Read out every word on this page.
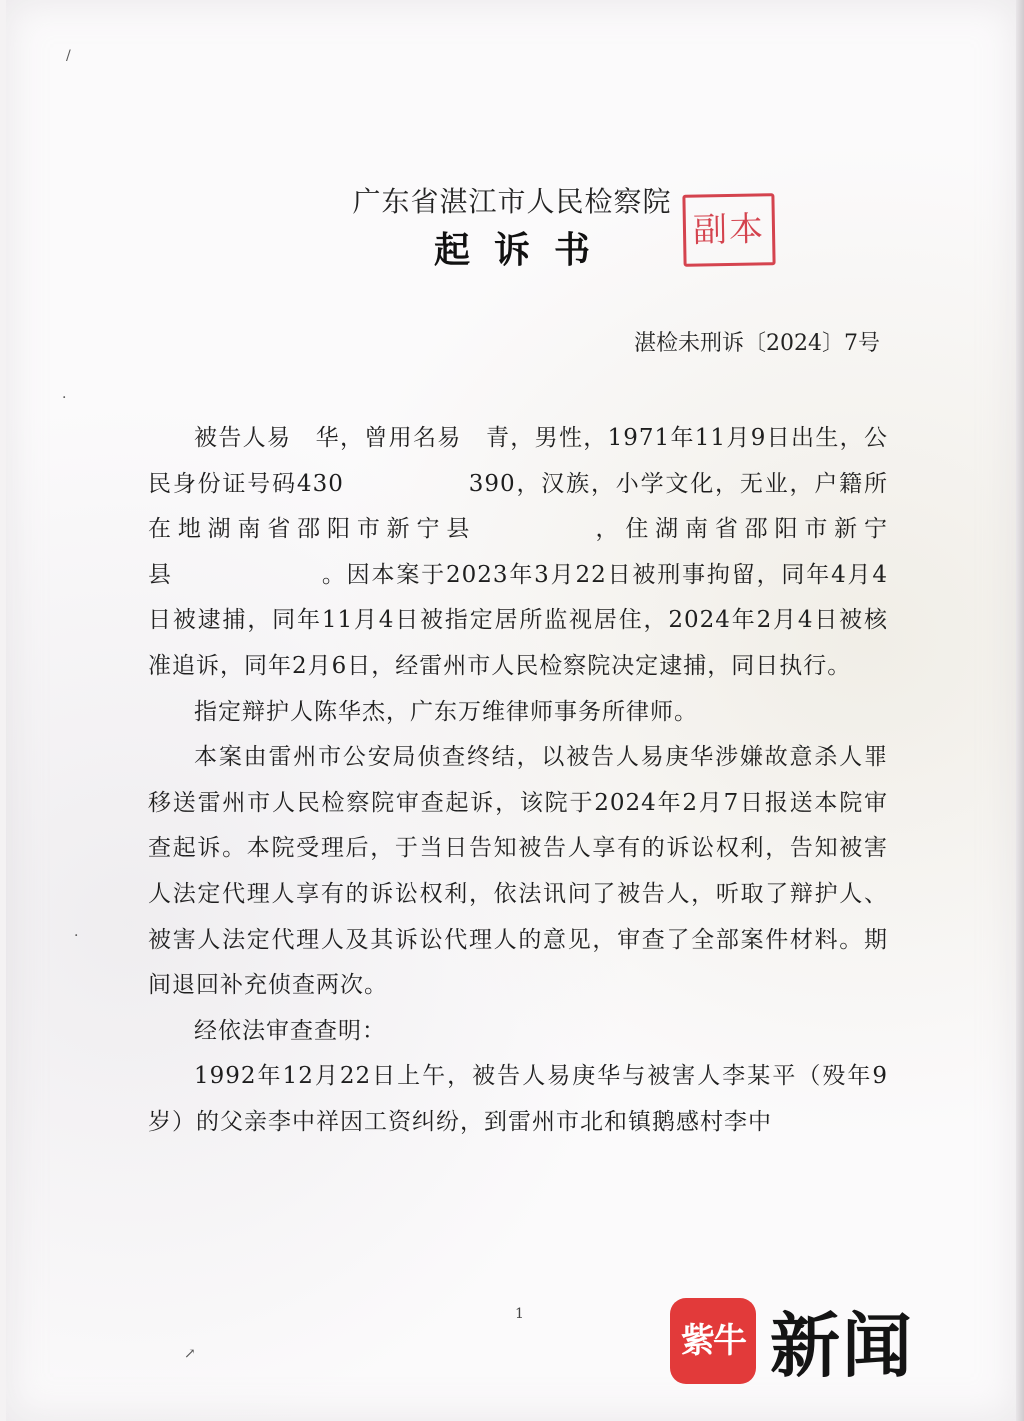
/
·
·
↗
广东省湛江市人民检察院
起诉书	副本
湛检未刑诉〔2024〕7号

被告人易　华，曾用名易　青，男性，1971年11月9日出生，公民身份证号码430　　　　　390，汉族，小学文化，无业，户籍所在地湖南省邵阳市新宁县　　　　，住湖南省邵阳市新宁县　　　　　　。因本案于2023年3月22日被刑事拘留，同年4月4日被逮捕，同年11月4日被指定居所监视居住，2024年2月4日被核准追诉，同年2月6日，经雷州市人民检察院决定逮捕，同日执行。

指定辩护人陈华杰，广东万维律师事务所律师。

本案由雷州市公安局侦查终结，以被告人易庚华涉嫌故意杀人罪移送雷州市人民检察院审查起诉，该院于2024年2月7日报送本院审查起诉。本院受理后，于当日告知被告人享有的诉讼权利，告知被害人法定代理人享有的诉讼权利，依法讯问了被告人，听取了辩护人、被害人法定代理人及其诉讼代理人的意见，审查了全部案件材料。期间退回补充侦查两次。

经依法审查查明：

1992年12月22日上午，被告人易庚华与被害人李某平（殁年9岁）的父亲李中祥因工资纠纷，到雷州市北和镇鹅感村李中

1
紫牛 新闻
